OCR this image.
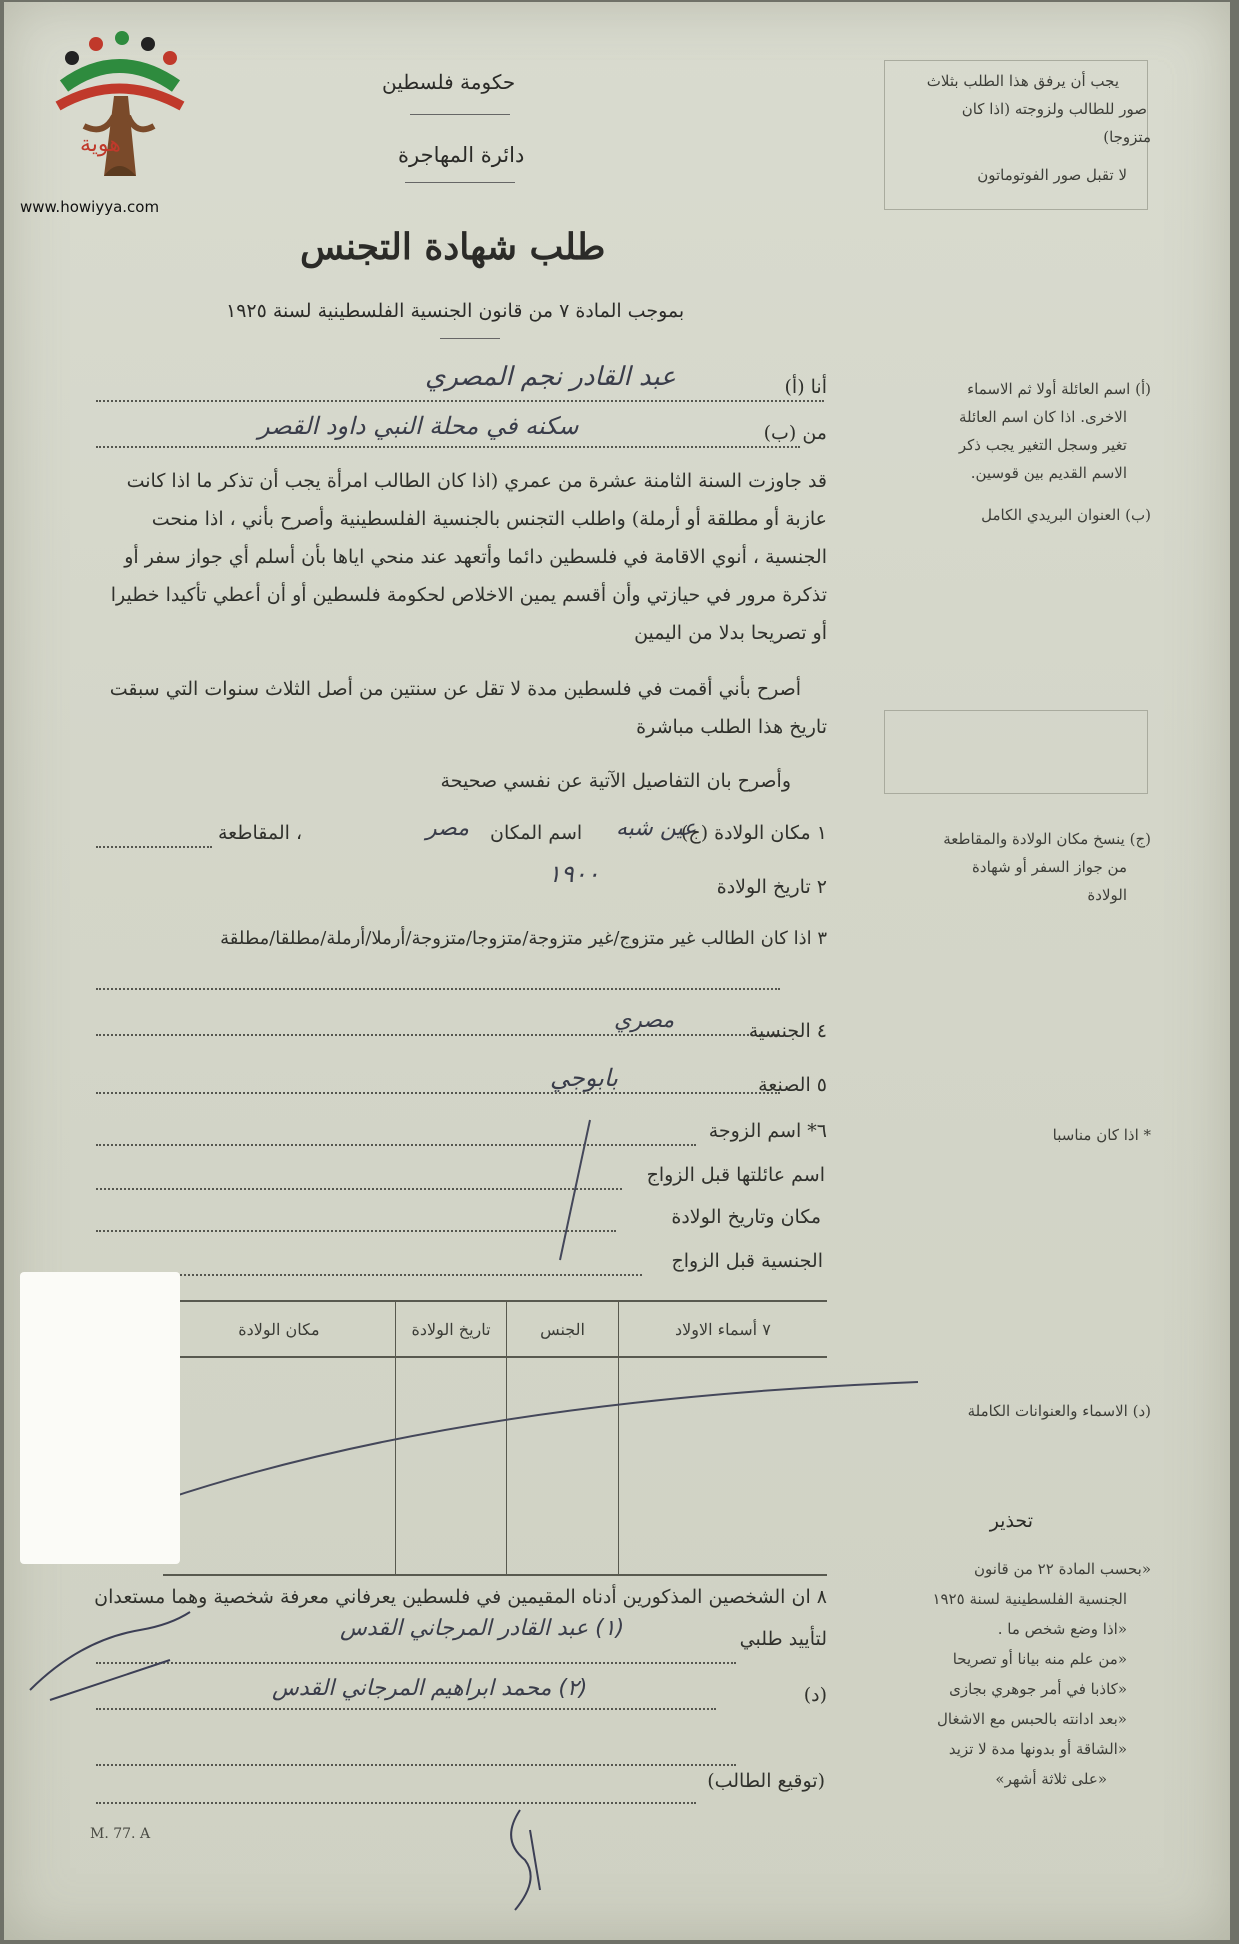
هوية
www.howiyya.com
حكومة فلسطين
دائرة المهاجرة
طلب شهادة التجنس
بموجب المادة ٧ من قانون الجنسية الفلسطينية لسنة ١٩٢٥
يجب أن يرفق هذا الطلب بثلاث
صور للطالب ولزوجته (اذا كان
متزوجا)
لا تقبل صور الفوتوماتون
أنا (أ)
عبد القادر نجم المصري
من (ب)
سكنه في محلة النبي داود القصر
قد جاوزت السنة الثامنة عشرة من عمري (اذا كان الطالب امرأة يجب أن تذكر ما اذا كانت
عازبة أو مطلقة أو أرملة) واطلب التجنس بالجنسية الفلسطينية وأصرح بأني ، اذا منحت
الجنسية ، أنوي الاقامة في فلسطين دائما وأتعهد عند منحي اياها بأن أسلم أي جواز سفر أو
تذكرة مرور في حيازتي وأن أقسم يمين الاخلاص لحكومة فلسطين أو أن أعطي تأكيدا خطيرا
أو تصريحا بدلا من اليمين
أصرح بأني أقمت في فلسطين مدة لا تقل عن سنتين من أصل الثلاث سنوات التي سبقت
تاريخ هذا الطلب مباشرة
وأصرح بان التفاصيل الآتية عن نفسي صحيحة
١ مكان الولادة (ج)
عين شبه
اسم المكان
مصر
، المقاطعة
٢ تاريخ الولادة
١٩٠٠
٣ اذا كان الطالب غير متزوج/غير متزوجة/متزوجا/متزوجة/أرملا/أرملة/مطلقا/مطلقة
٤ الجنسية
مصري
٥ الصنعة
بابوجي
٦* اسم الزوجة
اسم عائلتها قبل الزواج
مكان وتاريخ الولادة
الجنسية قبل الزواج
٧ أسماء الاولاد	الجنس	تاريخ الولادة	مكان الولادة

٨ ان الشخصين المذكورين أدناه المقيمين في فلسطين يعرفاني معرفة شخصية وهما مستعدان
لتأييد طلبي
(١) عبد القادر المرجاني القدس
(د)
(٢) محمد ابراهيم المرجاني القدس
(توقيع الطالب)
(أ) اسم العائلة أولا ثم الاسماء
الاخرى. اذا كان اسم العائلة
تغير وسجل التغير يجب ذكر
الاسم القديم بين قوسين.
(ب) العنوان البريدي الكامل
(ج) ينسخ مكان الولادة والمقاطعة
من جواز السفر أو شهادة
الولادة
* اذا كان مناسبا
(د) الاسماء والعنوانات الكاملة
تحذير
«بحسب المادة ٢٢ من قانون
الجنسية الفلسطينية لسنة ١٩٢٥
«اذا وضع شخص ما .
«من علم منه بيانا أو تصريحا
«كاذبا في أمر جوهري بجازى
«بعد ادانته بالحبس مع الاشغال
«الشاقة أو بدونها مدة لا تزيد
«على ثلاثة أشهر»
M. 77. A
